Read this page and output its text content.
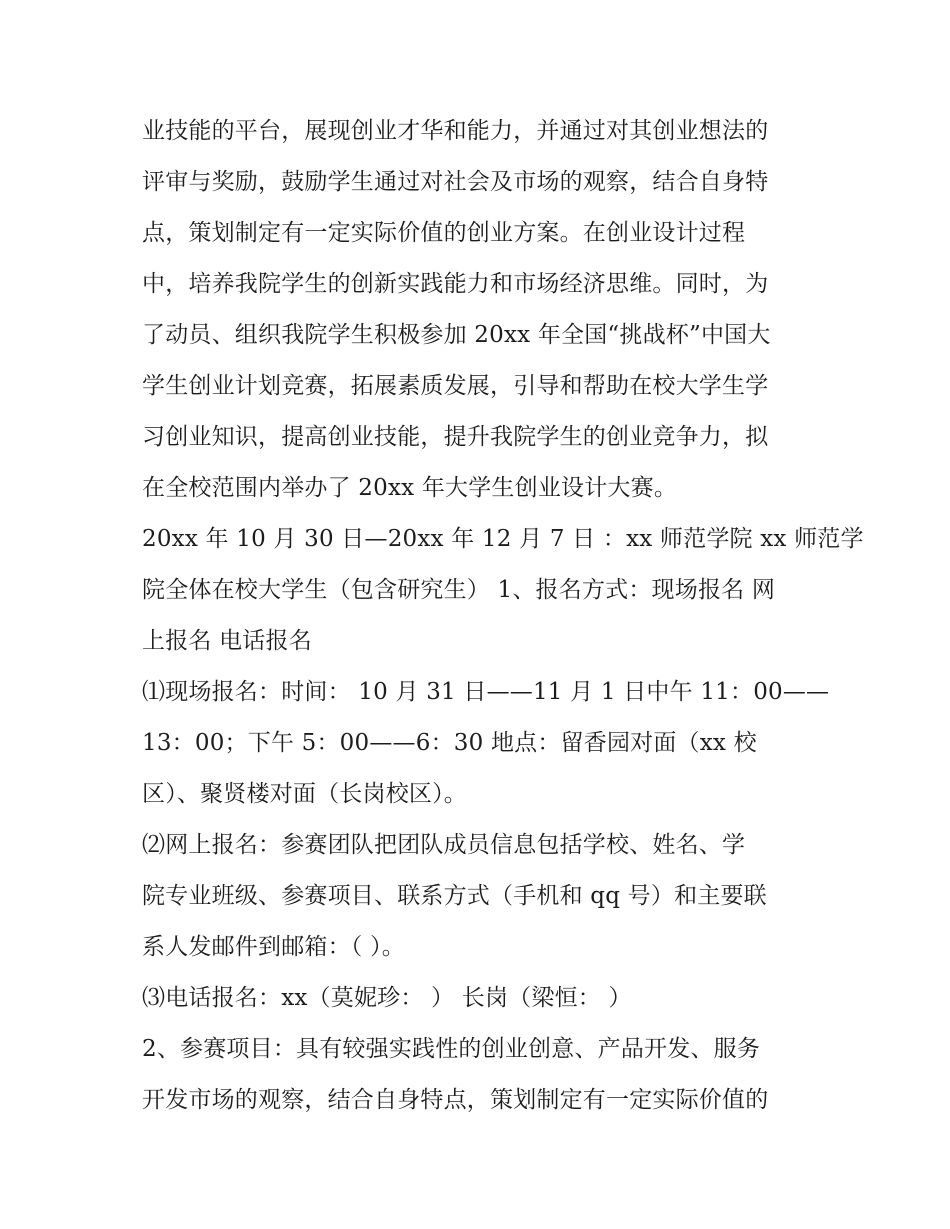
业技能的平台，展现创业才华和能力，并通过对其创业想法的
评审与奖励，鼓励学生通过对社会及市场的观察，结合自身特
点，策划制定有一定实际价值的创业方案。在创业设计过程
中，培养我院学生的创新实践能力和市场经济思维。同时，为
了动员、组织我院学生积极参加 20xx 年全国“挑战杯”中国大
学生创业计划竞赛，拓展素质发展，引导和帮助在校大学生学
习创业知识，提高创业技能，提升我院学生的创业竞争力，拟
在全校范围内举办了 20xx 年大学生创业设计大赛。
20xx 年 10 月 30 日—20xx 年 12 月 7 日 ：xx 师范学院 xx 师范学
院全体在校大学生（包含研究生） 1、报名方式：现场报名 网
上报名 电话报名
⑴现场报名：时间： 10 月 31 日——11 月 1 日中午 11：00——
13：00；下午 5：00——6：30 地点：留香园对面（xx 校
区）、聚贤楼对面（长岗校区）。
⑵网上报名：参赛团队把团队成员信息包括学校、姓名、学
院专业班级、参赛项目、联系方式（手机和 qq 号）和主要联
系人发邮件到邮箱：（ ）。
⑶电话报名：xx（莫妮珍： ） 长岗（梁恒： ）
2、参赛项目：具有较强实践性的创业创意、产品开发、服务
开发市场的观察，结合自身特点，策划制定有一定实际价值的
